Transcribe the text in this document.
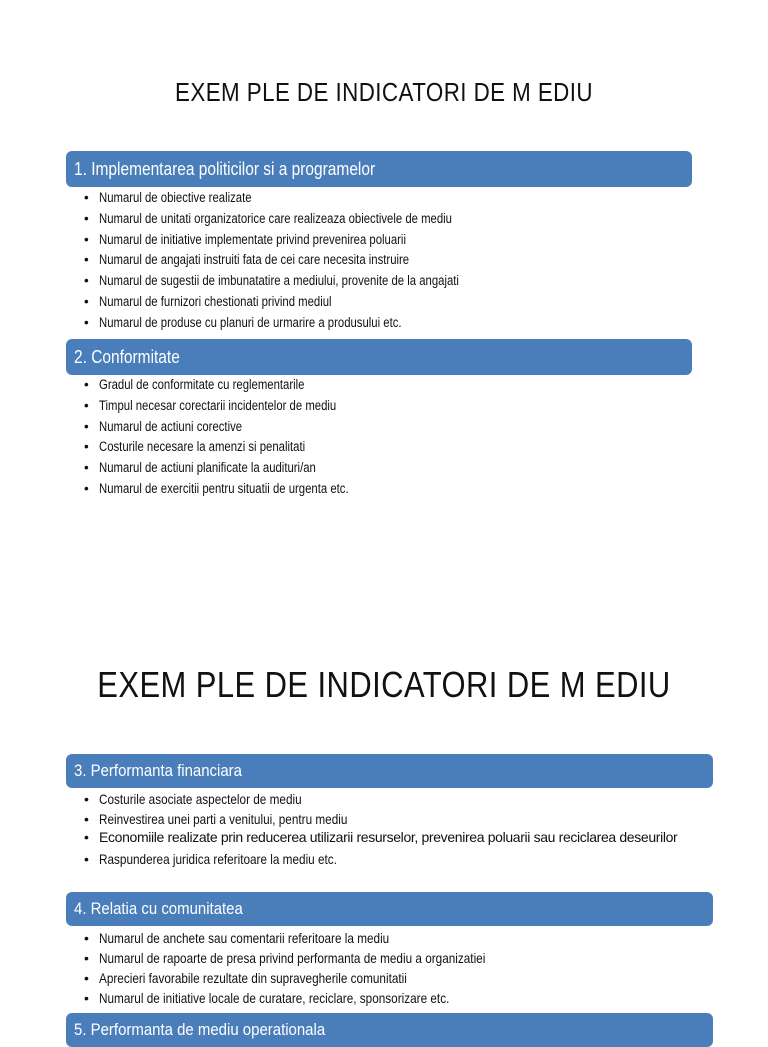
EXEM PLE DE INDICATORI DE M EDIU
1. Implementarea politicilor si a programelor
• Numarul de obiective realizate
• Numarul de unitati organizatorice care realizeaza obiectivele de mediu
• Numarul de initiative implementate privind prevenirea poluarii
• Numarul de angajati instruiti fata de cei care necesita instruire
• Numarul de sugestii de imbunatatire a mediului, provenite de la angajati
• Numarul de furnizori chestionati privind mediul
• Numarul de produse cu planuri de urmarire a produsului etc.
2. Conformitate
• Gradul de conformitate cu reglementarile
• Timpul necesar corectarii incidentelor de mediu
• Numarul de actiuni corective
• Costurile necesare la amenzi si penalitati
• Numarul de actiuni planificate la audituri/an
• Numarul de exercitii pentru situatii de urgenta etc.
EXEM PLE DE INDICATORI DE M EDIU
3. Performanta financiara
• Costurile asociate aspectelor de mediu
• Reinvestirea unei parti a venitului, pentru mediu
• Economiile realizate prin reducerea utilizarii resurselor, prevenirea poluarii sau reciclarea deseurilor
• Raspunderea juridica referitoare la mediu etc.
4. Relatia cu comunitatea
• Numarul de anchete sau comentarii referitoare la mediu
• Numarul de rapoarte de presa privind performanta de mediu a organizatiei
• Aprecieri favorabile rezultate din supravegherile comunitatii
• Numarul de initiative locale de curatare, reciclare, sponsorizare etc.
5. Performanta de mediu operationala
